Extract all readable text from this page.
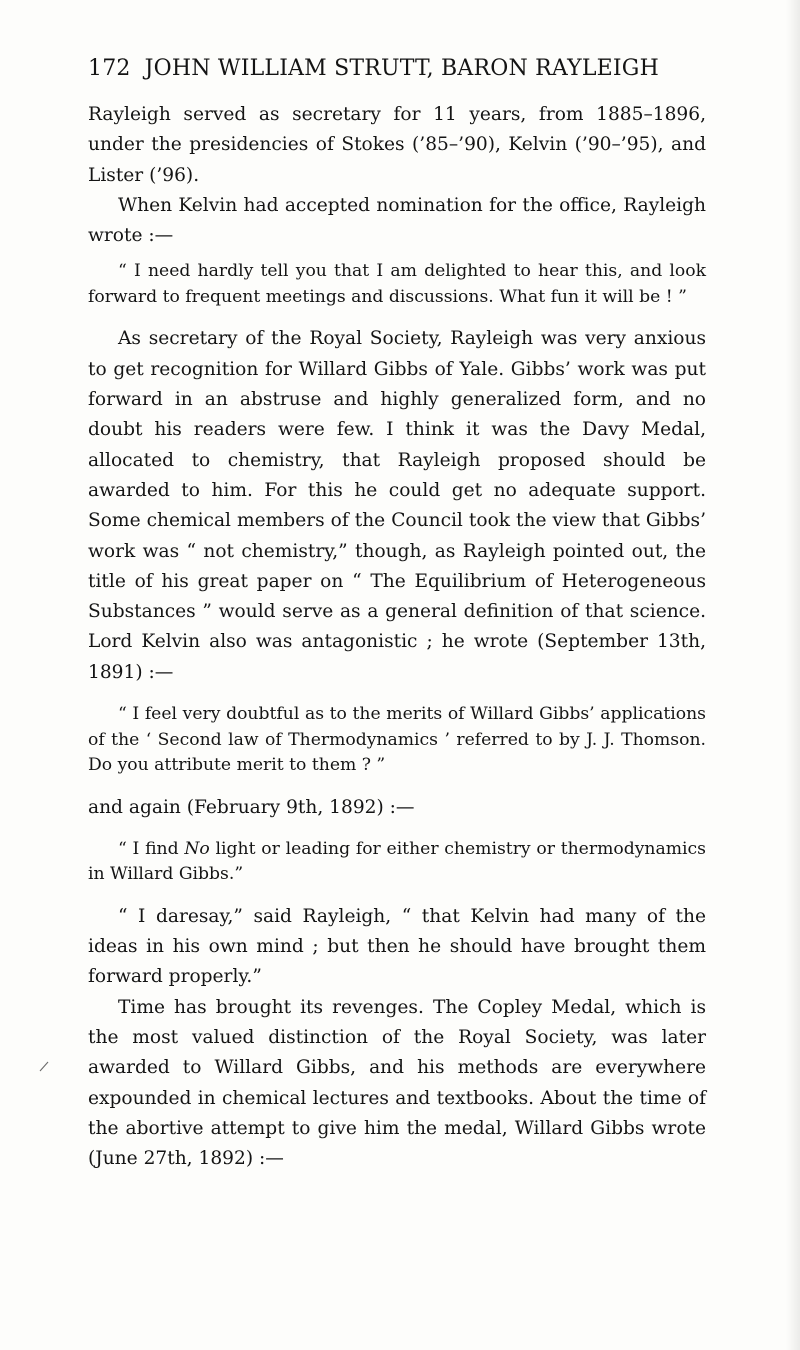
172 JOHN WILLIAM STRUTT, BARON RAYLEIGH

Rayleigh served as secretary for 11 years, from 1885–1896, under the presidencies of Stokes (’85–’90), Kelvin (’90–’95), and Lister (’96).

When Kelvin had accepted nomination for the office, Rayleigh wrote :—

“ I need hardly tell you that I am delighted to hear this, and look forward to frequent meetings and discussions. What fun it will be ! ”

As secretary of the Royal Society, Rayleigh was very anxious to get recognition for Willard Gibbs of Yale. Gibbs’ work was put forward in an abstruse and highly generalized form, and no doubt his readers were few. I think it was the Davy Medal, allocated to chemistry, that Rayleigh proposed should be awarded to him. For this he could get no adequate support. Some chemical members of the Council took the view that Gibbs’ work was “ not chemistry,” though, as Rayleigh pointed out, the title of his great paper on “ The Equilibrium of Heterogeneous Substances ” would serve as a general definition of that science. Lord Kelvin also was antagonistic ; he wrote (September 13th, 1891) :—

“ I feel very doubtful as to the merits of Willard Gibbs’ applications of the ‘ Second law of Thermodynamics ’ referred to by J. J. Thomson. Do you attribute merit to them ? ”

and again (February 9th, 1892) :—

“ I find No light or leading for either chemistry or thermodynamics in Willard Gibbs.”

“ I daresay,” said Rayleigh, “ that Kelvin had many of the ideas in his own mind ; but then he should have brought them forward properly.”

Time has brought its revenges. The Copley Medal, which is the most valued distinction of the Royal Society, was later awarded to Willard Gibbs, and his methods are everywhere expounded in chemical lectures and textbooks. About the time of the abortive attempt to give him the medal, Willard Gibbs wrote (June 27th, 1892) :—
